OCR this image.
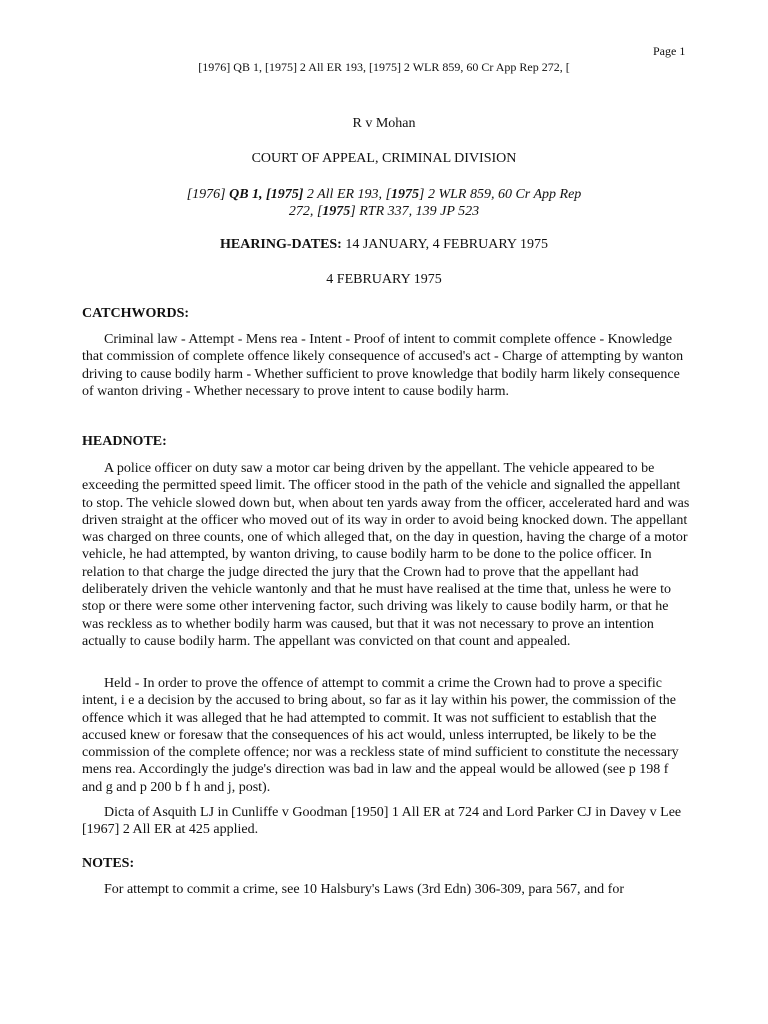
Page 1
[1976] QB 1, [1975] 2 All ER 193, [1975] 2 WLR 859, 60 Cr App Rep 272, [
R v Mohan
COURT OF APPEAL, CRIMINAL DIVISION
[1976] QB 1, [1975] 2 All ER 193, [1975] 2 WLR 859, 60 Cr App Rep
272, [1975] RTR 337, 139 JP 523
HEARING-DATES: 14 JANUARY, 4 FEBRUARY 1975
4 FEBRUARY 1975
CATCHWORDS:

Criminal law - Attempt - Mens rea - Intent - Proof of intent to commit complete offence - Knowledge that commission of complete offence likely consequence of accused's act - Charge of attempting by wanton driving to cause bodily harm - Whether sufficient to prove knowledge that bodily harm likely consequence of wanton driving - Whether necessary to prove intent to cause bodily harm.

HEADNOTE:

A police officer on duty saw a motor car being driven by the appellant. The vehicle appeared to be exceeding the permitted speed limit. The officer stood in the path of the vehicle and signalled the appellant to stop. The vehicle slowed down but, when about ten yards away from the officer, accelerated hard and was driven straight at the officer who moved out of its way in order to avoid being knocked down. The appellant was charged on three counts, one of which alleged that, on the day in question, having the charge of a motor vehicle, he had attempted, by wanton driving, to cause bodily harm to be done to the police officer. In relation to that charge the judge directed the jury that the Crown had to prove that the appellant had deliberately driven the vehicle wantonly and that he must have realised at the time that, unless he were to stop or there were some other intervening factor, such driving was likely to cause bodily harm, or that he was reckless as to whether bodily harm was caused, but that it was not necessary to prove an intention actually to cause bodily harm. The appellant was convicted on that count and appealed.

Held - In order to prove the offence of attempt to commit a crime the Crown had to prove a specific intent, i e a decision by the accused to bring about, so far as it lay within his power, the commission of the offence which it was alleged that he had attempted to commit. It was not sufficient to establish that the accused knew or foresaw that the consequences of his act would, unless interrupted, be likely to be the commission of the complete offence; nor was a reckless state of mind sufficient to constitute the necessary mens rea. Accordingly the judge's direction was bad in law and the appeal would be allowed (see p 198 f and g and p 200 b f h and j, post).

Dicta of Asquith LJ in Cunliffe v Goodman [1950] 1 All ER at 724 and Lord Parker CJ in Davey v Lee [1967] 2 All ER at 425 applied.

NOTES:

For attempt to commit a crime, see 10 Halsbury's Laws (3rd Edn) 306-309, para 567, and for
